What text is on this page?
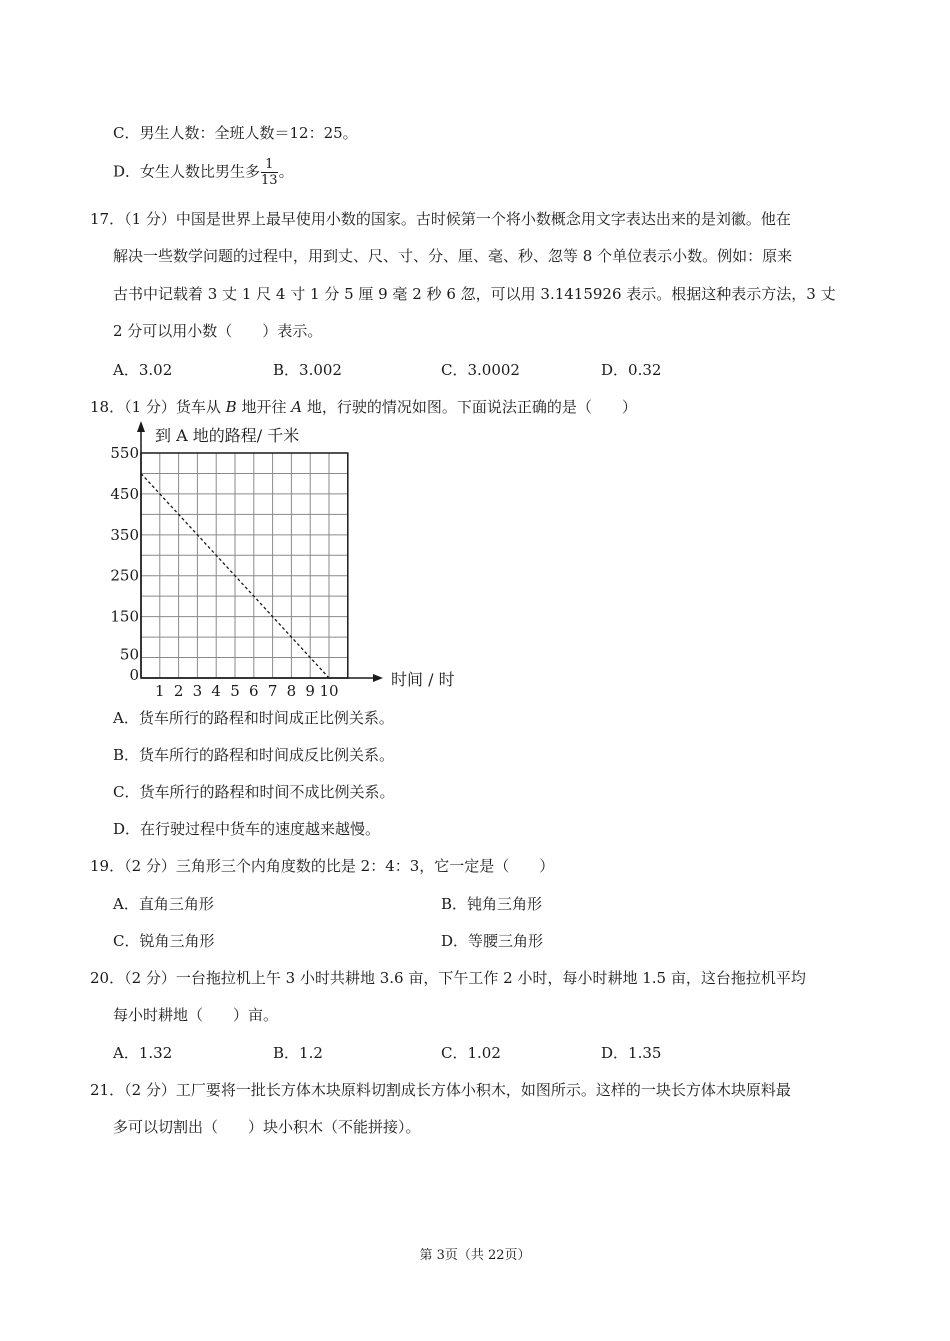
C．男生人数：全班人数＝12：25。
D．女生人数比男生多 $\frac{1}{13}$ 。
17．（1 分）中国是世界上最早使用小数的国家。古时候第一个将小数概念用文字表达出来的是刘徽。他在
解决一些数学问题的过程中，用到丈、尺、寸、分、厘、毫、秒、忽等 8 个单位表示小数。例如：原来
古书中记载着 3 丈 1 尺 4 寸 1 分 5 厘 9 毫 2 秒 6 忽，可以用 3.1415926 表示。根据这种表示方法，3 丈
2 分可以用小数（　　）表示。
A．3.02	B．3.002	C．3.0002	D．0.32
18．（1 分）货车从 B 地开往 A 地，行驶的情况如图。下面说法正确的是（　　）
550
450
350
250
150
50
0
1 2 3 4 5 6 7 8 9 10
到 A 地的路程/ 千米
时间 / 时
A．货车所行的路程和时间成正比例关系。
B．货车所行的路程和时间成反比例关系。
C．货车所行的路程和时间不成比例关系。
D．在行驶过程中货车的速度越来越慢。
19．（2 分）三角形三个内角度数的比是 2：4：3，它一定是（　　）
A．直角三角形	B．钝角三角形
C．锐角三角形	D．等腰三角形
20．（2 分）一台拖拉机上午 3 小时共耕地 3.6 亩，下午工作 2 小时，每小时耕地 1.5 亩，这台拖拉机平均
每小时耕地（　　）亩。
A．1.32	B．1.2	C．1.02	D．1.35
21．（2 分）工厂要将一批长方体木块原料切割成长方体小积木，如图所示。这样的一块长方体木块原料最
多可以切割出（　　）块小积木（不能拼接）。
第 3页（共 22页）
